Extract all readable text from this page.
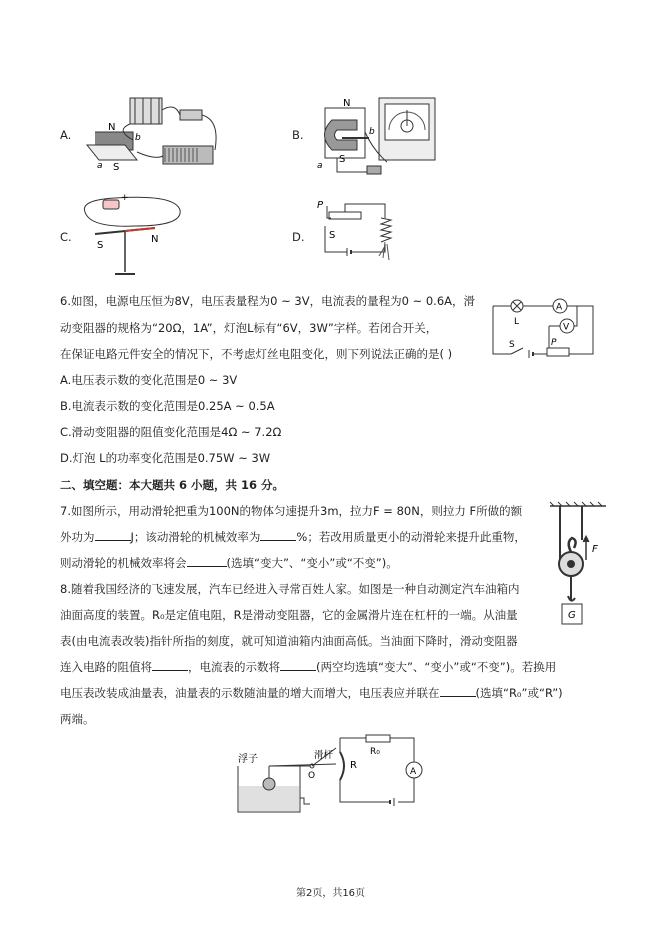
A.
N
S
a
b	B.
N
S
a
b
C.
+
S
N	D.
P
S
6.如图，电源电压恒为8V，电压表量程为0 ~ 3V，电流表的量程为0 ~ 0.6A，滑
动变阻器的规格为“20Ω，1A”，灯泡L标有“6V，3W”字样。若闭合开关，
在保证电路元件安全的情况下，不考虑灯丝电阻变化，则下列说法正确的是( )
A.电压表示数的变化范围是0 ~ 3V
B.电流表示数的变化范围是0.25A ~ 0.5A
C.滑动变阻器的阻值变化范围是4Ω ~ 7.2Ω
D.灯泡 L的功率变化范围是0.75W ~ 3W
A
V
L
S	P
二、填空题：本大题共 6 小题，共 16 分。
7.如图所示，用动滑轮把重为100N的物体匀速提升3m，拉力F = 80N，则拉力 F所做的额
外功为	J；该动滑轮的机械效率为	%；若改用质量更小的动滑轮来提升此重物，
则动滑轮的机械效率将会	(选填“变大”、“变小”或“不变”)。
F
G
8.随着我国经济的飞速发展，汽车已经进入寻常百姓人家。如图是一种自动测定汽车油箱内
油面高度的装置。R₀是定值电阻，R是滑动变阻器，它的金属滑片连在杠杆的一端。从油量
表(由电流表改装)指针所指的刻度，就可知道油箱内油面高低。当油面下降时，滑动变阻器
连入电路的阻值将	，电流表的示数将	(两空均选填“变大”、“变小”或“不变”)。若换用
电压表改装成油量表，油量表的示数随油量的增大而增大，电压表应并联在	(选填“R₀”或“R”)
两端。
浮子	滑杆
O
R
R₀
A
第2页，共16页
